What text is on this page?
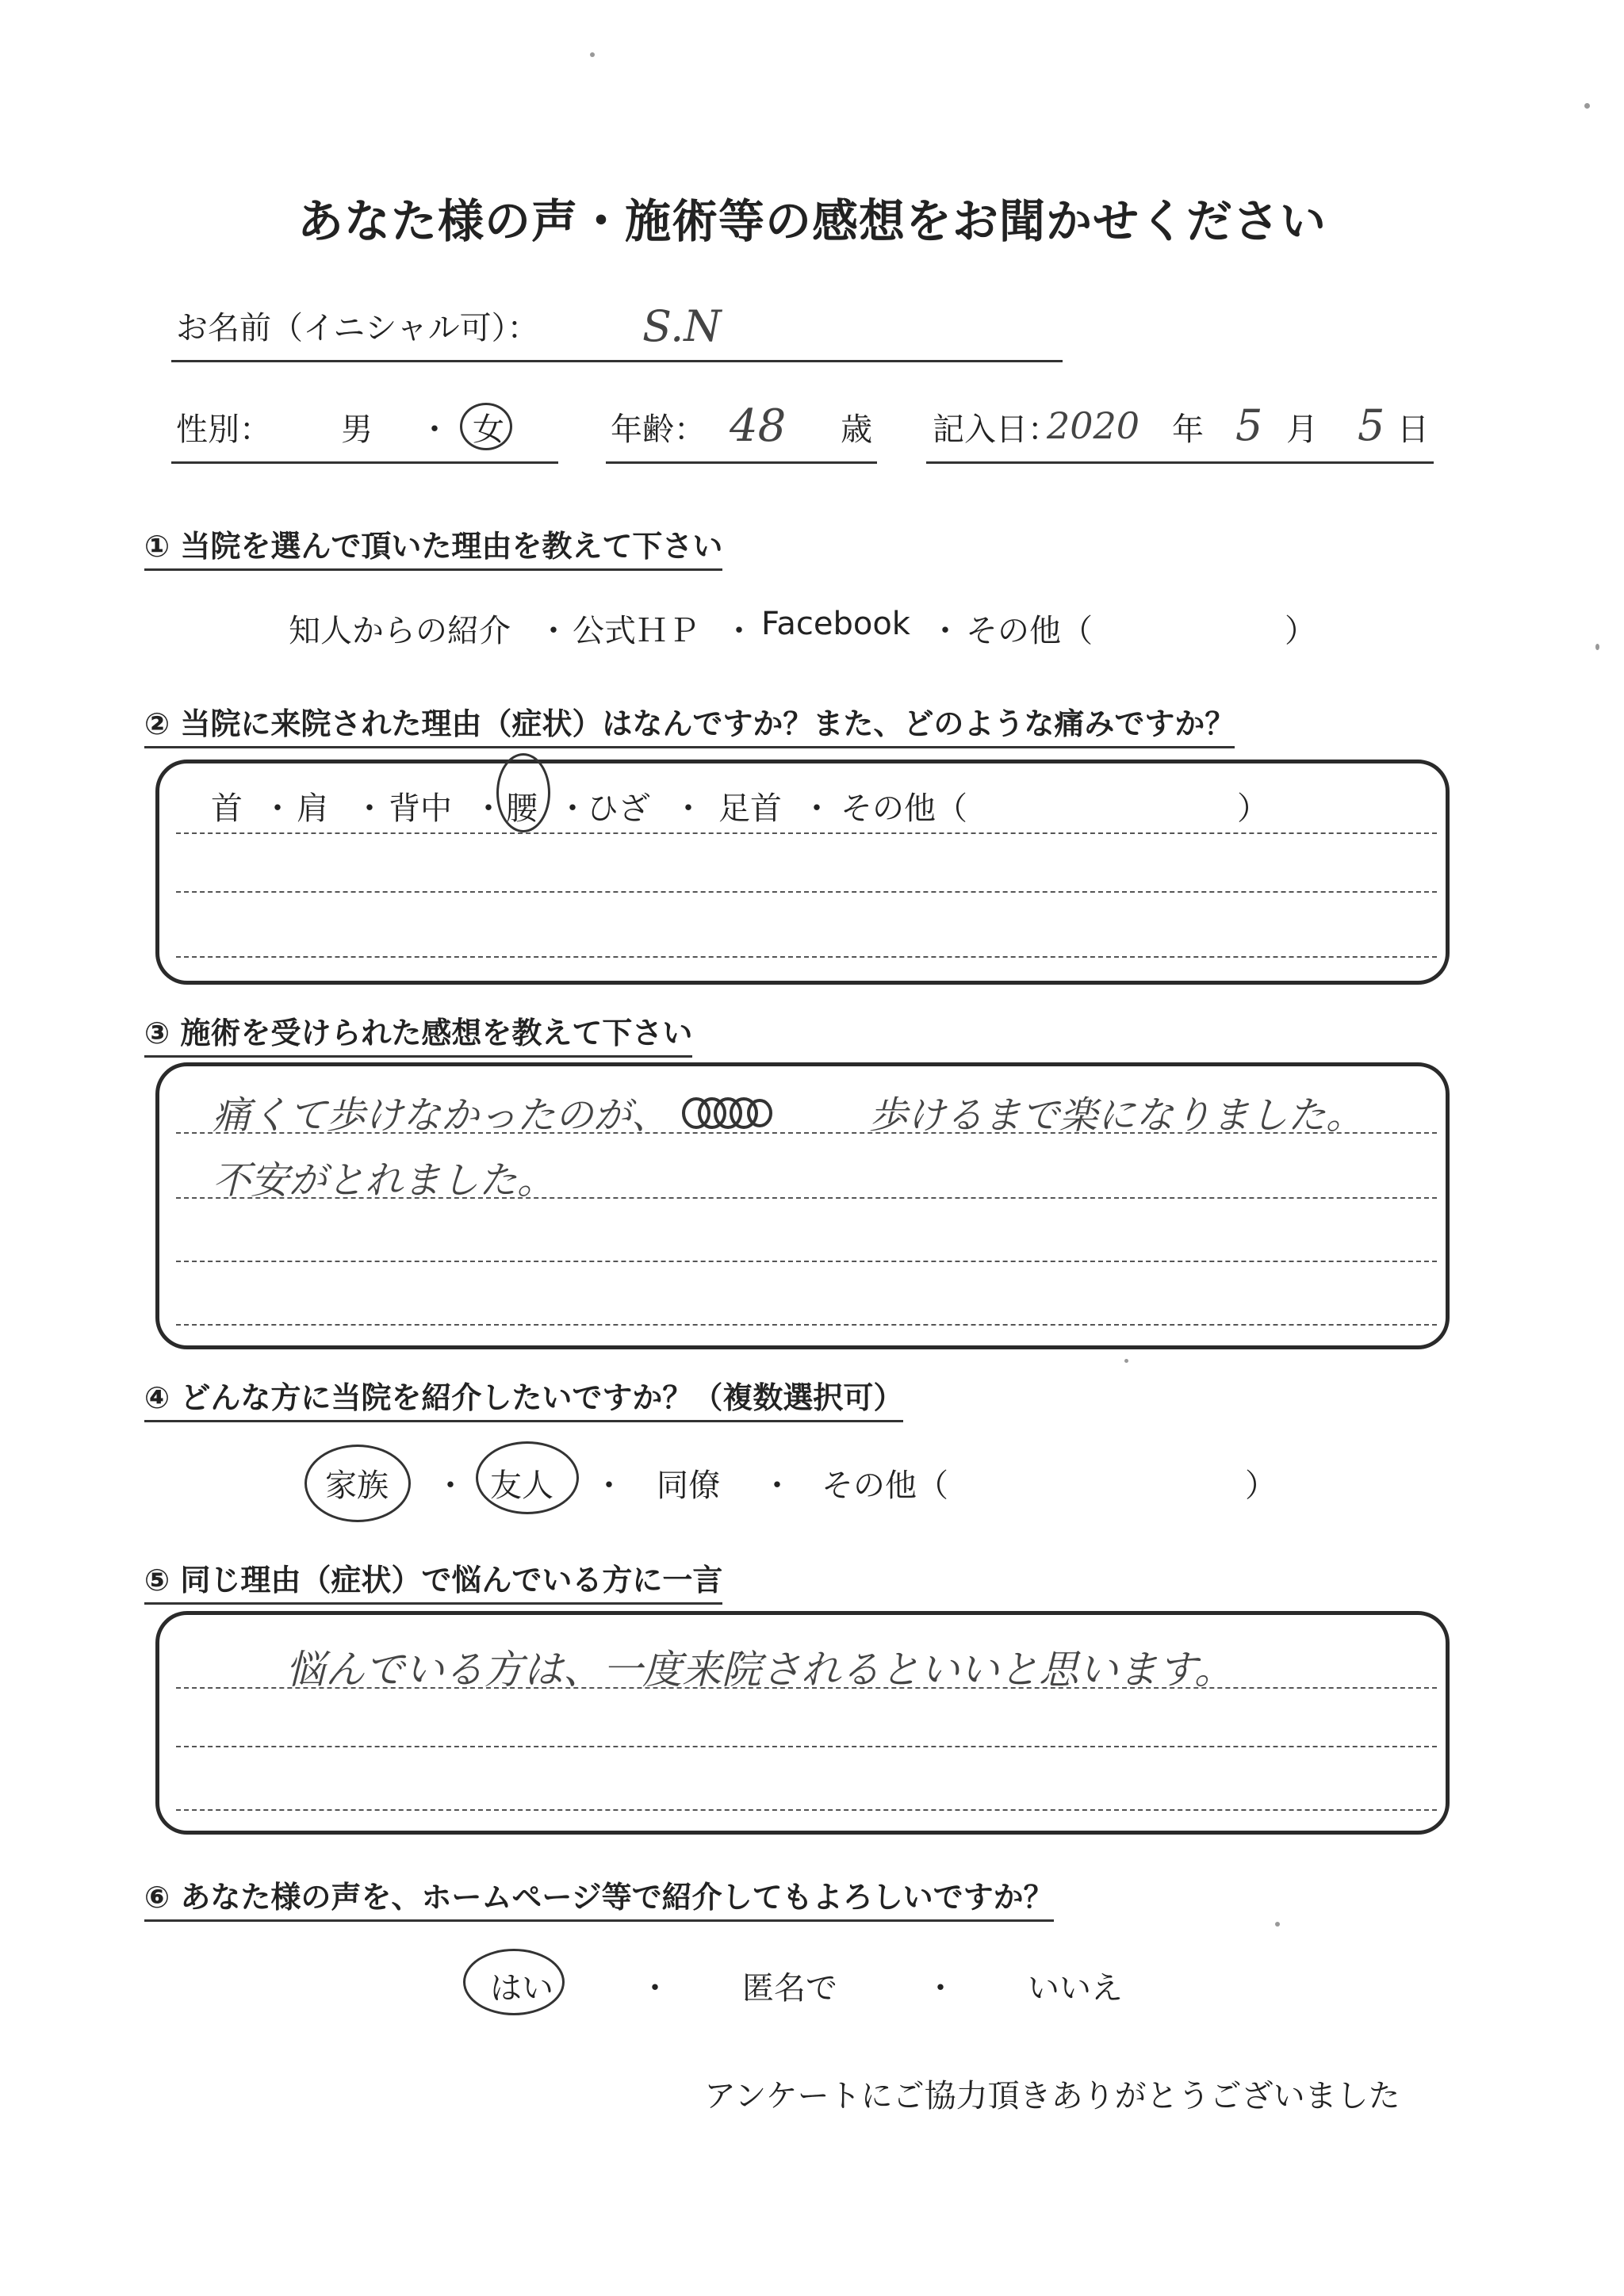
あなた様の声・施術等の感想をお聞かせください
お名前（イニシャル可）： S.N
性別： 男 ・ 女	年齢： 48 歳 記入日：
2020 年 5 月 5 日
① 当院を選んで頂いた理由を教えて下さい
知人からの紹介 ・ 公式ＨＰ ・ Facebook ・ その他（	）
② 当院に来院された理由（症状）はなんですか？また、どのような痛みですか？
首 ・ 肩 ・ 背中 ・ 腰 ・
ひざ ・ 足首 ・ その他（	）
③ 施術を受けられた感想を教えて下さい
痛くて歩けなかったのが、	歩けるまで楽になりました。
不安がとれました。
④ どんな方に当院を紹介したいですか？（複数選択可）
家族 ・ 友人 ・ 同僚 ・ その他（	）
⑤ 同じ理由（症状）で悩んでいる方に一言
悩んでいる方は、一度来院されるといいと思います。
⑥ あなた様の声を、ホームページ等で紹介してもよろしいですか？
はい	・ 匿名で	・ いいえ
アンケートにご協力頂きありがとうございました
